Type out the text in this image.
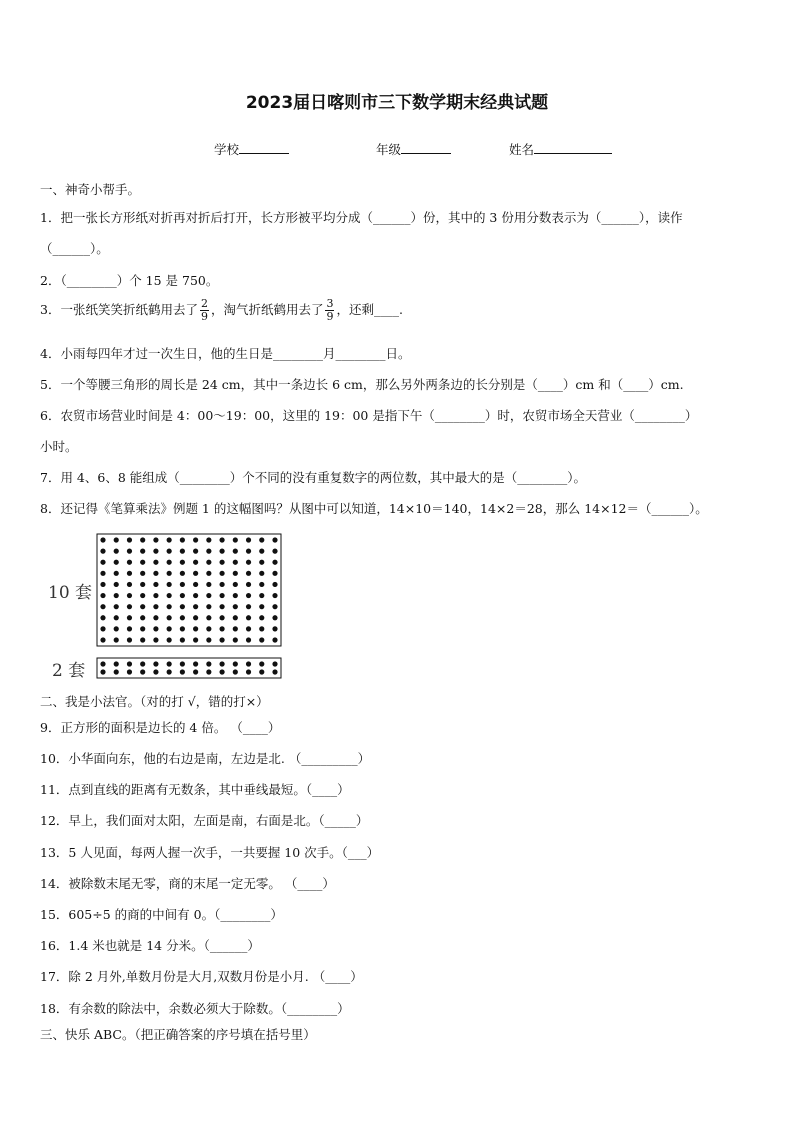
2023届日喀则市三下数学期末经典试题
学校	年级	姓名
一、神奇小帮手。
1．把一张长方形纸对折再对折后打开，长方形被平均分成（______）份，其中的 3 份用分数表示为（______），读作
（______）。
2．（________）个 15 是 750。
3．一张纸笑笑折纸鹤用去了 $\frac{2}{9}$ ，淘气折纸鹤用去了 $\frac{3}{9}$ ，还剩____.
4．小雨每四年才过一次生日，他的生日是________月________日。
5．一个等腰三角形的周长是 24 cm，其中一条边长 6 cm，那么另外两条边的长分别是（____）cm 和（____）cm.
6．农贸市场营业时间是 4：00～19：00，这里的 19：00 是指下午（________）时，农贸市场全天营业（________）
小时。
7．用 4、6、8 能组成（________）个不同的没有重复数字的两位数，其中最大的是（________）。
8．还记得《笔算乘法》例题 1 的这幅图吗？从图中可以知道，14×10＝140，14×2＝28，那么 14×12＝（______）。
10 套
2 套
二、我是小法官。（对的打 √，错的打×）
9．正方形的面积是边长的 4 倍。 （____）
10．小华面向东，他的右边是南，左边是北. （_________）
11．点到直线的距离有无数条，其中垂线最短。（____）
12．早上，我们面对太阳，左面是南，右面是北。（_____）
13．5 人见面，每两人握一次手，一共要握 10 次手。（___）
14．被除数末尾无零，商的末尾一定无零。 （____）
15．605÷5 的商的中间有 0。（________）
16．1.4 米也就是 14 分米。（______）
17．除 2 月外,单数月份是大月,双数月份是小月. （____）
18．有余数的除法中，余数必须大于除数。（________）
三、快乐 ABC。（把正确答案的序号填在括号里）
